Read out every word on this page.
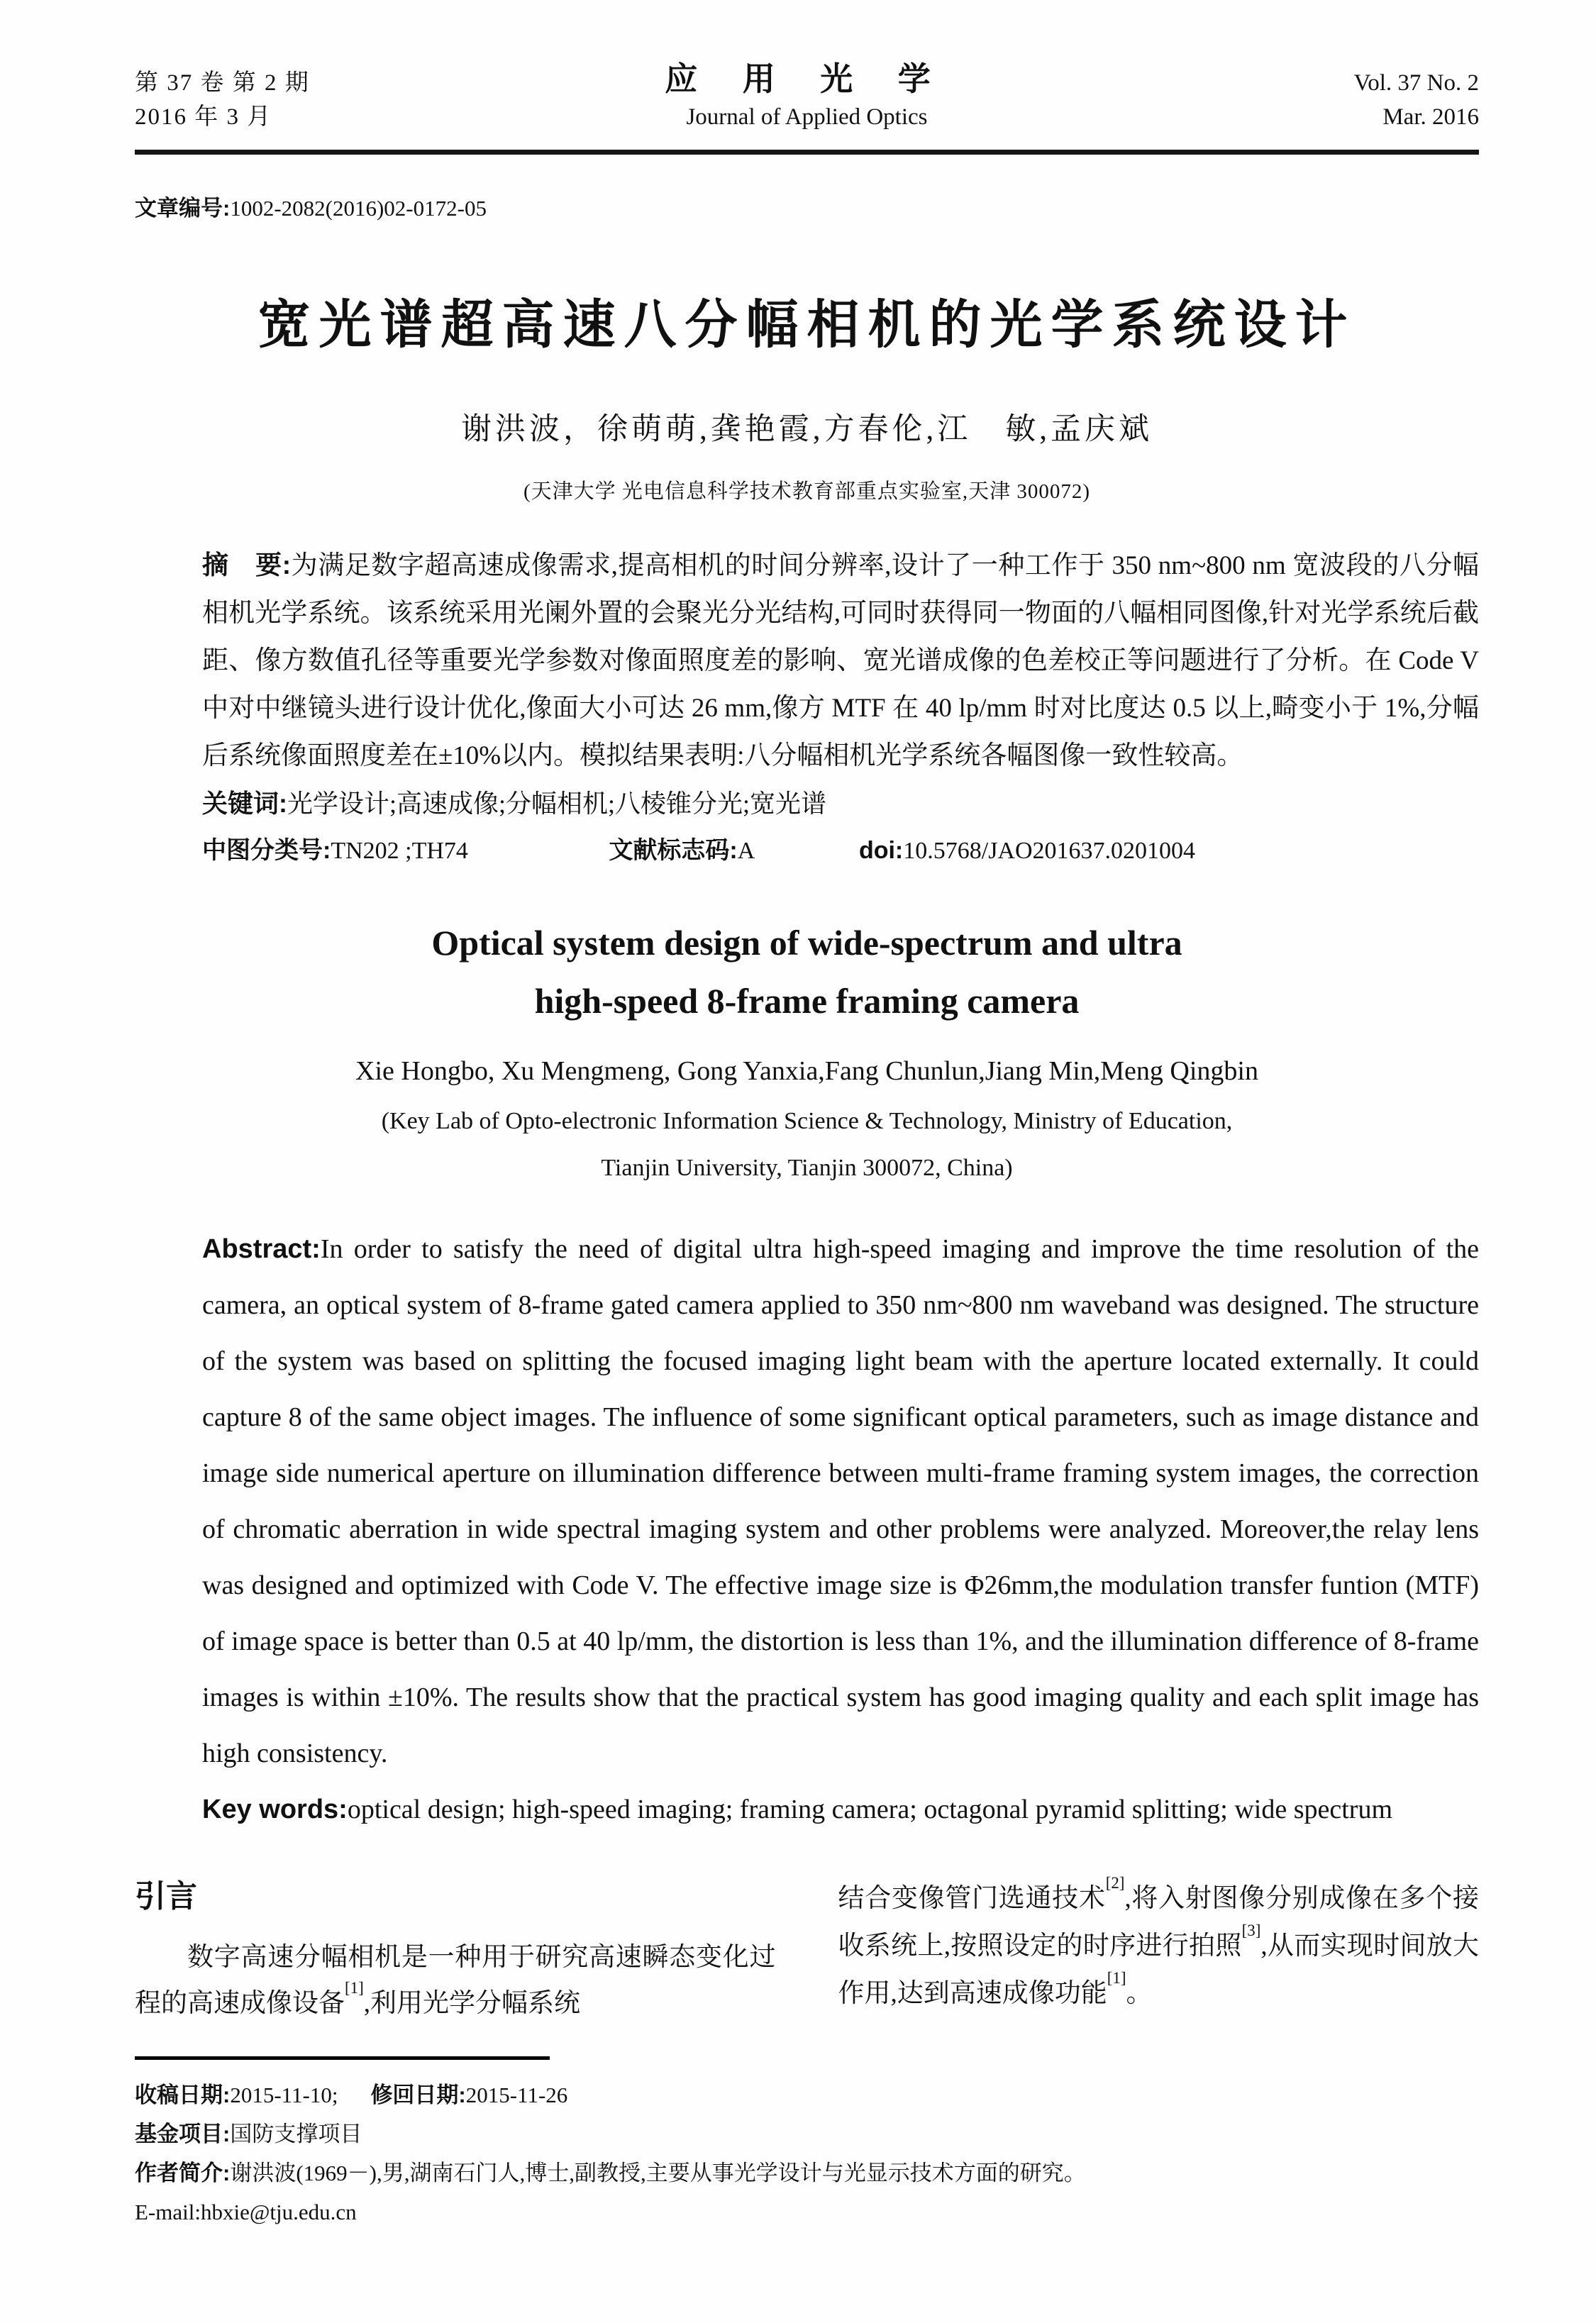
第 37 卷 第 2 期	应 用 光 学	Vol. 37 No. 2
2016 年 3 月	Journal of Applied Optics	Mar. 2016
文章编号:1002-2082(2016)02-0172-05
宽光谱超高速八分幅相机的光学系统设计
谢洪波，徐萌萌,龚艳霞,方春伦,江　敏,孟庆斌
(天津大学 光电信息科学技术教育部重点实验室,天津 300072)
摘　要:为满足数字超高速成像需求,提高相机的时间分辨率,设计了一种工作于 350 nm~800 nm 宽波段的八分幅相机光学系统。该系统采用光阑外置的会聚光分光结构,可同时获得同一物面的八幅相同图像,针对光学系统后截距、像方数值孔径等重要光学参数对像面照度差的影响、宽光谱成像的色差校正等问题进行了分析。在 Code V 中对中继镜头进行设计优化,像面大小可达 26 mm,像方 MTF 在 40 lp/mm 时对比度达 0.5 以上,畸变小于 1%,分幅后系统像面照度差在±10%以内。模拟结果表明:八分幅相机光学系统各幅图像一致性较高。
关键词:光学设计;高速成像;分幅相机;八棱锥分光;宽光谱
中图分类号:TN202 ;TH74	文献标志码:A	doi:10.5768/JAO201637.0201004
Optical system design of wide-spectrum and ultra
high-speed 8-frame framing camera
Xie Hongbo, Xu Mengmeng, Gong Yanxia,Fang Chunlun,Jiang Min,Meng Qingbin
(Key Lab of Opto-electronic Information Science & Technology, Ministry of Education,
Tianjin University, Tianjin 300072, China)
Abstract:In order to satisfy the need of digital ultra high-speed imaging and improve the time resolution of the camera, an optical system of 8-frame gated camera applied to 350 nm~800 nm waveband was designed. The structure of the system was based on splitting the focused imaging light beam with the aperture located externally. It could capture 8 of the same object images. The influence of some significant optical parameters, such as image distance and image side numerical aperture on illumination difference between multi-frame framing system images, the correction of chromatic aberration in wide spectral imaging system and other problems were analyzed. Moreover,the relay lens was designed and optimized with Code V. The effective image size is Φ26mm,the modulation transfer funtion (MTF) of image space is better than 0.5 at 40 lp/mm, the distortion is less than 1%, and the illumination difference of 8-frame images is within ±10%. The results show that the practical system has good imaging quality and each split image has high consistency.
Key words:optical design; high-speed imaging; framing camera; octagonal pyramid splitting; wide spectrum
引言

数字高速分幅相机是一种用于研究高速瞬态变化过程的高速成像设备[1],利用光学分幅系统

结合变像管门选通技术[2],将入射图像分别成像在多个接收系统上,按照设定的时序进行拍照[3],从而实现时间放大作用,达到高速成像功能[1]。

收稿日期:2015-11-10; 修回日期:2015-11-26
基金项目:国防支撑项目
作者简介:谢洪波(1969－),男,湖南石门人,博士,副教授,主要从事光学设计与光显示技术方面的研究。
E-mail:hbxie@tju.edu.cn
